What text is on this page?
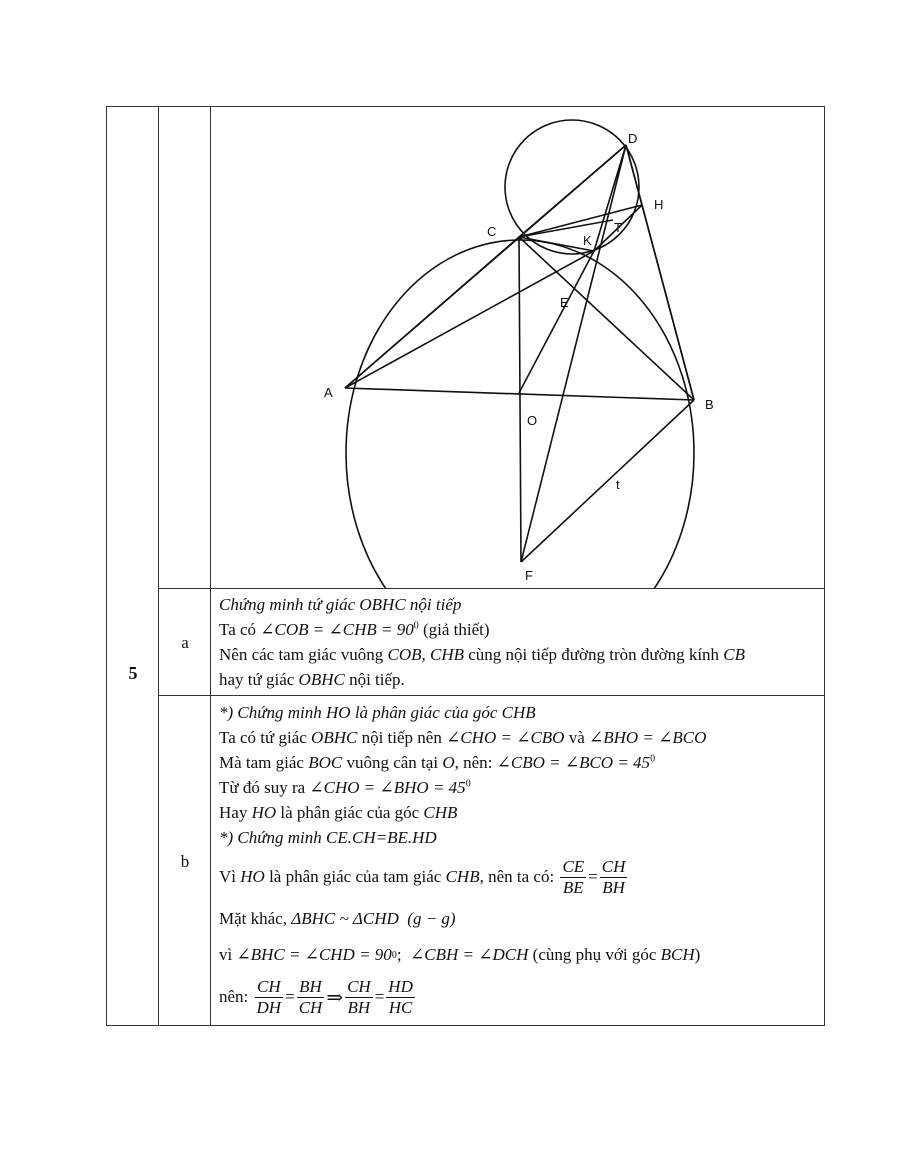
5
D
H
C	T
K
E
A
B
O
t
F
a
Chứng minh tứ giác OBHC nội tiếp
Ta có ∠COB = ∠CHB = $90^0$ (giả thiết)
Nên các tam giác vuông COB, CHB cùng nội tiếp đường tròn đường kính CB
hay tứ giác OBHC nội tiếp.
b
*) Chứng minh HO là phân giác của góc CHB
Ta có tứ giác OBHC nội tiếp nên ∠CHO = ∠CBO và ∠BHO = ∠BCO
Mà tam giác BOC vuông cân tại O, nên: ∠CBO = ∠BCO = $45^0$
Từ đó suy ra ∠CHO = ∠BHO = $45^0$
Hay HO là phân giác của góc CHB
*) Chứng minh CE.CH=BE.HD
Vì
HO
là phân giác của tam giác
CHB , nên ta có:
$\frac{CE}{BE} = \frac{CH}{BH}$
Mặt khác,
ΔBHC ~ ΔCHD
(g − g)
vì
∠BHC = ∠CHD = 90 0 ;
∠CBH = ∠DCH
(cùng phụ với góc
BCH )
nên:
$\frac{CH}{DH} = \frac{BH}{CH}$ ⇒ $\frac{CH}{BH} = \frac{HD}{HC}$
